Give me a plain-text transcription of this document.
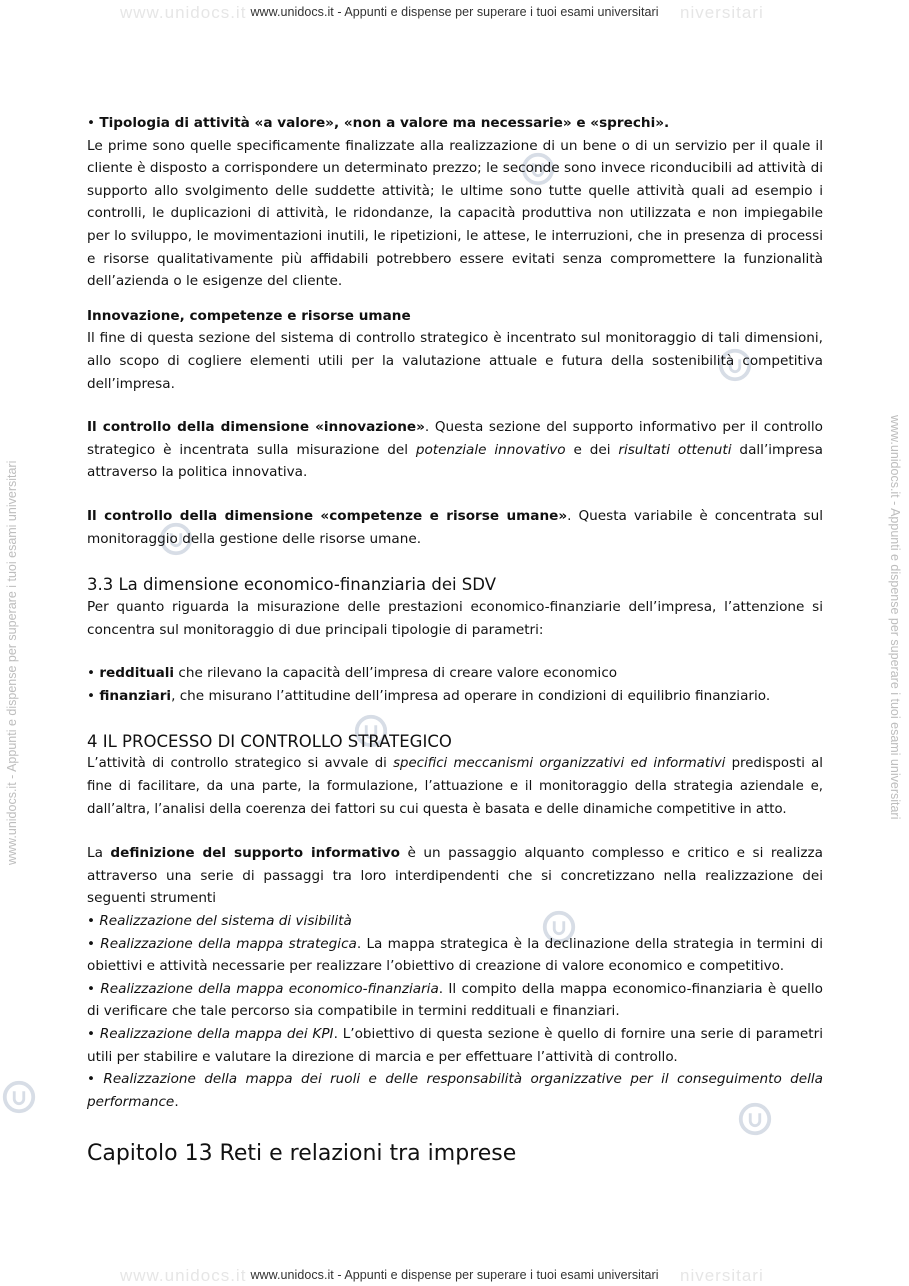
www.unidocs.it	niversitari
www.unidocs.it - Appunti e dispense per superare i tuoi esami universitari
www.unidocs.it - Appunti e dispense per superare i tuoi esami universitari	www.unidocs.it - Appunti e dispense per superare i tuoi esami universitari

• Tipologia di attività «a valore», «non a valore ma necessarie» e «sprechi».

Le prime sono quelle specificamente finalizzate alla realizzazione di un bene o di un servizio per il quale il cliente è disposto a corrispondere un determinato prezzo; le seconde sono invece riconducibili ad attività di supporto allo svolgimento delle suddette attività; le ultime sono tutte quelle attività quali ad esempio i controlli, le duplicazioni di attività, le ridondanze, la capacità produttiva non utilizzata e non impiegabile per lo sviluppo, le movimentazioni inutili, le ripetizioni, le attese, le interruzioni, che in presenza di processi e risorse qualitativamente più affidabili potrebbero essere evitati senza compromettere la funzionalità dell’azienda o le esigenze del cliente.

Innovazione, competenze e risorse umane

Il fine di questa sezione del sistema di controllo strategico è incentrato sul monitoraggio di tali dimensioni, allo scopo di cogliere elementi utili per la valutazione attuale e futura della sostenibilità competitiva dell’impresa.

Il controllo della dimensione «innovazione». Questa sezione del supporto informativo per il controllo strategico è incentrata sulla misurazione del potenziale innovativo e dei risultati ottenuti dall’impresa attraverso la politica innovativa.

Il controllo della dimensione «competenze e risorse umane». Questa variabile è concentrata sul monitoraggio della gestione delle risorse umane.

3.3 La dimensione economico-finanziaria dei SDV

Per quanto riguarda la misurazione delle prestazioni economico-finanziarie dell’impresa, l’attenzione si concentra sul monitoraggio di due principali tipologie di parametri:

• reddituali che rilevano la capacità dell’impresa di creare valore economico

• finanziari, che misurano l’attitudine dell’impresa ad operare in condizioni di equilibrio finanziario.

4 IL PROCESSO DI CONTROLLO STRATEGICO

L’attività di controllo strategico si avvale di specifici meccanismi organizzativi ed informativi predisposti al fine di facilitare, da una parte, la formulazione, l’attuazione e il monitoraggio della strategia aziendale e, dall’altra, l’analisi della coerenza dei fattori su cui questa è basata e delle dinamiche competitive in atto.

La definizione del supporto informativo è un passaggio alquanto complesso e critico e si realizza attraverso una serie di passaggi tra loro interdipendenti che si concretizzano nella realizzazione dei seguenti strumenti

• Realizzazione del sistema di visibilità

• Realizzazione della mappa strategica. La mappa strategica è la declinazione della strategia in termini di obiettivi e attività necessarie per realizzare l’obiettivo di creazione di valore economico e competitivo.

• Realizzazione della mappa economico-finanziaria. Il compito della mappa economico-finanziaria è quello di verificare che tale percorso sia compatibile in termini reddituali e finanziari.

• Realizzazione della mappa dei KPI. L’obiettivo di questa sezione è quello di fornire una serie di parametri utili per stabilire e valutare la direzione di marcia e per effettuare l’attività di controllo.

• Realizzazione della mappa dei ruoli e delle responsabilità organizzative per il conseguimento della performance.

Capitolo 13 Reti e relazioni tra imprese
www.unidocs.it	niversitari
www.unidocs.it - Appunti e dispense per superare i tuoi esami universitari
